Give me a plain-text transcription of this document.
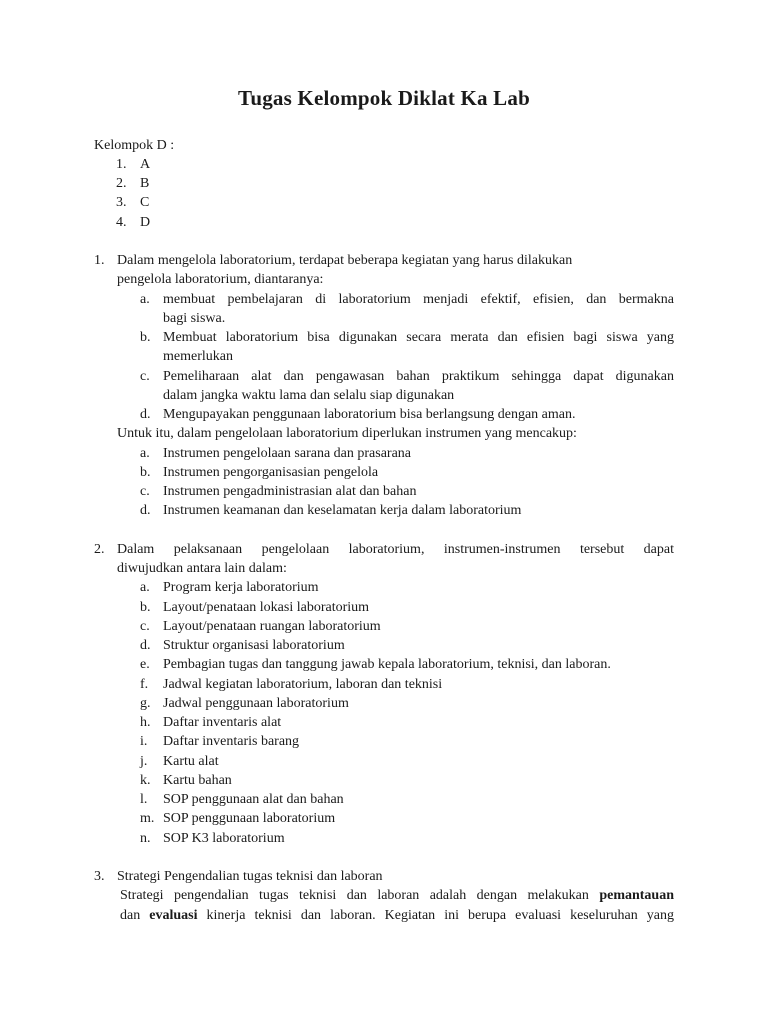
Tugas Kelompok Diklat Ka Lab
Kelompok D :
1. A
2. B
3. C
4. D
1. Dalam mengelola laboratorium, terdapat beberapa kegiatan yang harus dilakukan
pengelola laboratorium, diantaranya:
a. membuat pembelajaran di laboratorium menjadi efektif, efisien, dan bermakna
bagi siswa.
b. Membuat laboratorium bisa digunakan secara merata dan efisien bagi siswa yang
memerlukan
c. Pemeliharaan alat dan pengawasan bahan praktikum sehingga dapat digunakan
dalam jangka waktu lama dan selalu siap digunakan
d. Mengupayakan penggunaan laboratorium bisa berlangsung dengan aman.
Untuk itu, dalam pengelolaan laboratorium diperlukan instrumen yang mencakup:
a. Instrumen pengelolaan sarana dan prasarana
b. Instrumen pengorganisasian pengelola
c. Instrumen pengadministrasian alat dan bahan
d. Instrumen keamanan dan keselamatan kerja dalam laboratorium
2. Dalam pelaksanaan pengelolaan laboratorium, instrumen-instrumen tersebut dapat
diwujudkan antara lain dalam:
a. Program kerja laboratorium
b. Layout/penataan lokasi laboratorium
c. Layout/penataan ruangan laboratorium
d. Struktur organisasi laboratorium
e. Pembagian tugas dan tanggung jawab kepala laboratorium, teknisi, dan laboran.
f. Jadwal kegiatan laboratorium, laboran dan teknisi
g. Jadwal penggunaan laboratorium
h. Daftar inventaris alat
i. Daftar inventaris barang
j. Kartu alat
k. Kartu bahan
l. SOP penggunaan alat dan bahan
m. SOP penggunaan laboratorium
n. SOP K3 laboratorium
3. Strategi Pengendalian tugas teknisi dan laboran
Strategi pengendalian tugas teknisi dan laboran adalah dengan melakukan pemantauan
dan evaluasi kinerja teknisi dan laboran. Kegiatan ini berupa evaluasi keseluruhan yang
